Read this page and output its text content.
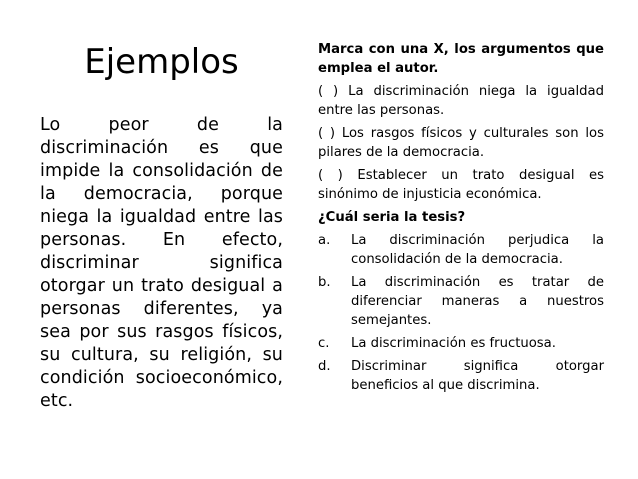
Ejemplos
Lo peor de la discriminación es que impide la consolidación de la democracia, porque niega la igualdad entre las personas. En efecto, discriminar significa otorgar un trato desigual a personas diferentes, ya sea por sus rasgos físicos, su cultura, su religión, su condición socioeconómico, etc.

Marca con una X, los argumentos que emplea el autor.

( ) La discriminación niega la igualdad entre las personas.

( ) Los rasgos físicos y culturales son los pilares de la democracia.

( ) Establecer un trato desigual es sinónimo de injusticia económica.

¿Cuál seria la tesis?

a.	La discriminación perjudica la consolidación de la democracia.
b.	La discriminación es tratar de diferenciar maneras a nuestros semejantes.
c.	La discriminación es fructuosa.
d.	Discriminar significa otorgar beneficios al que discrimina.
